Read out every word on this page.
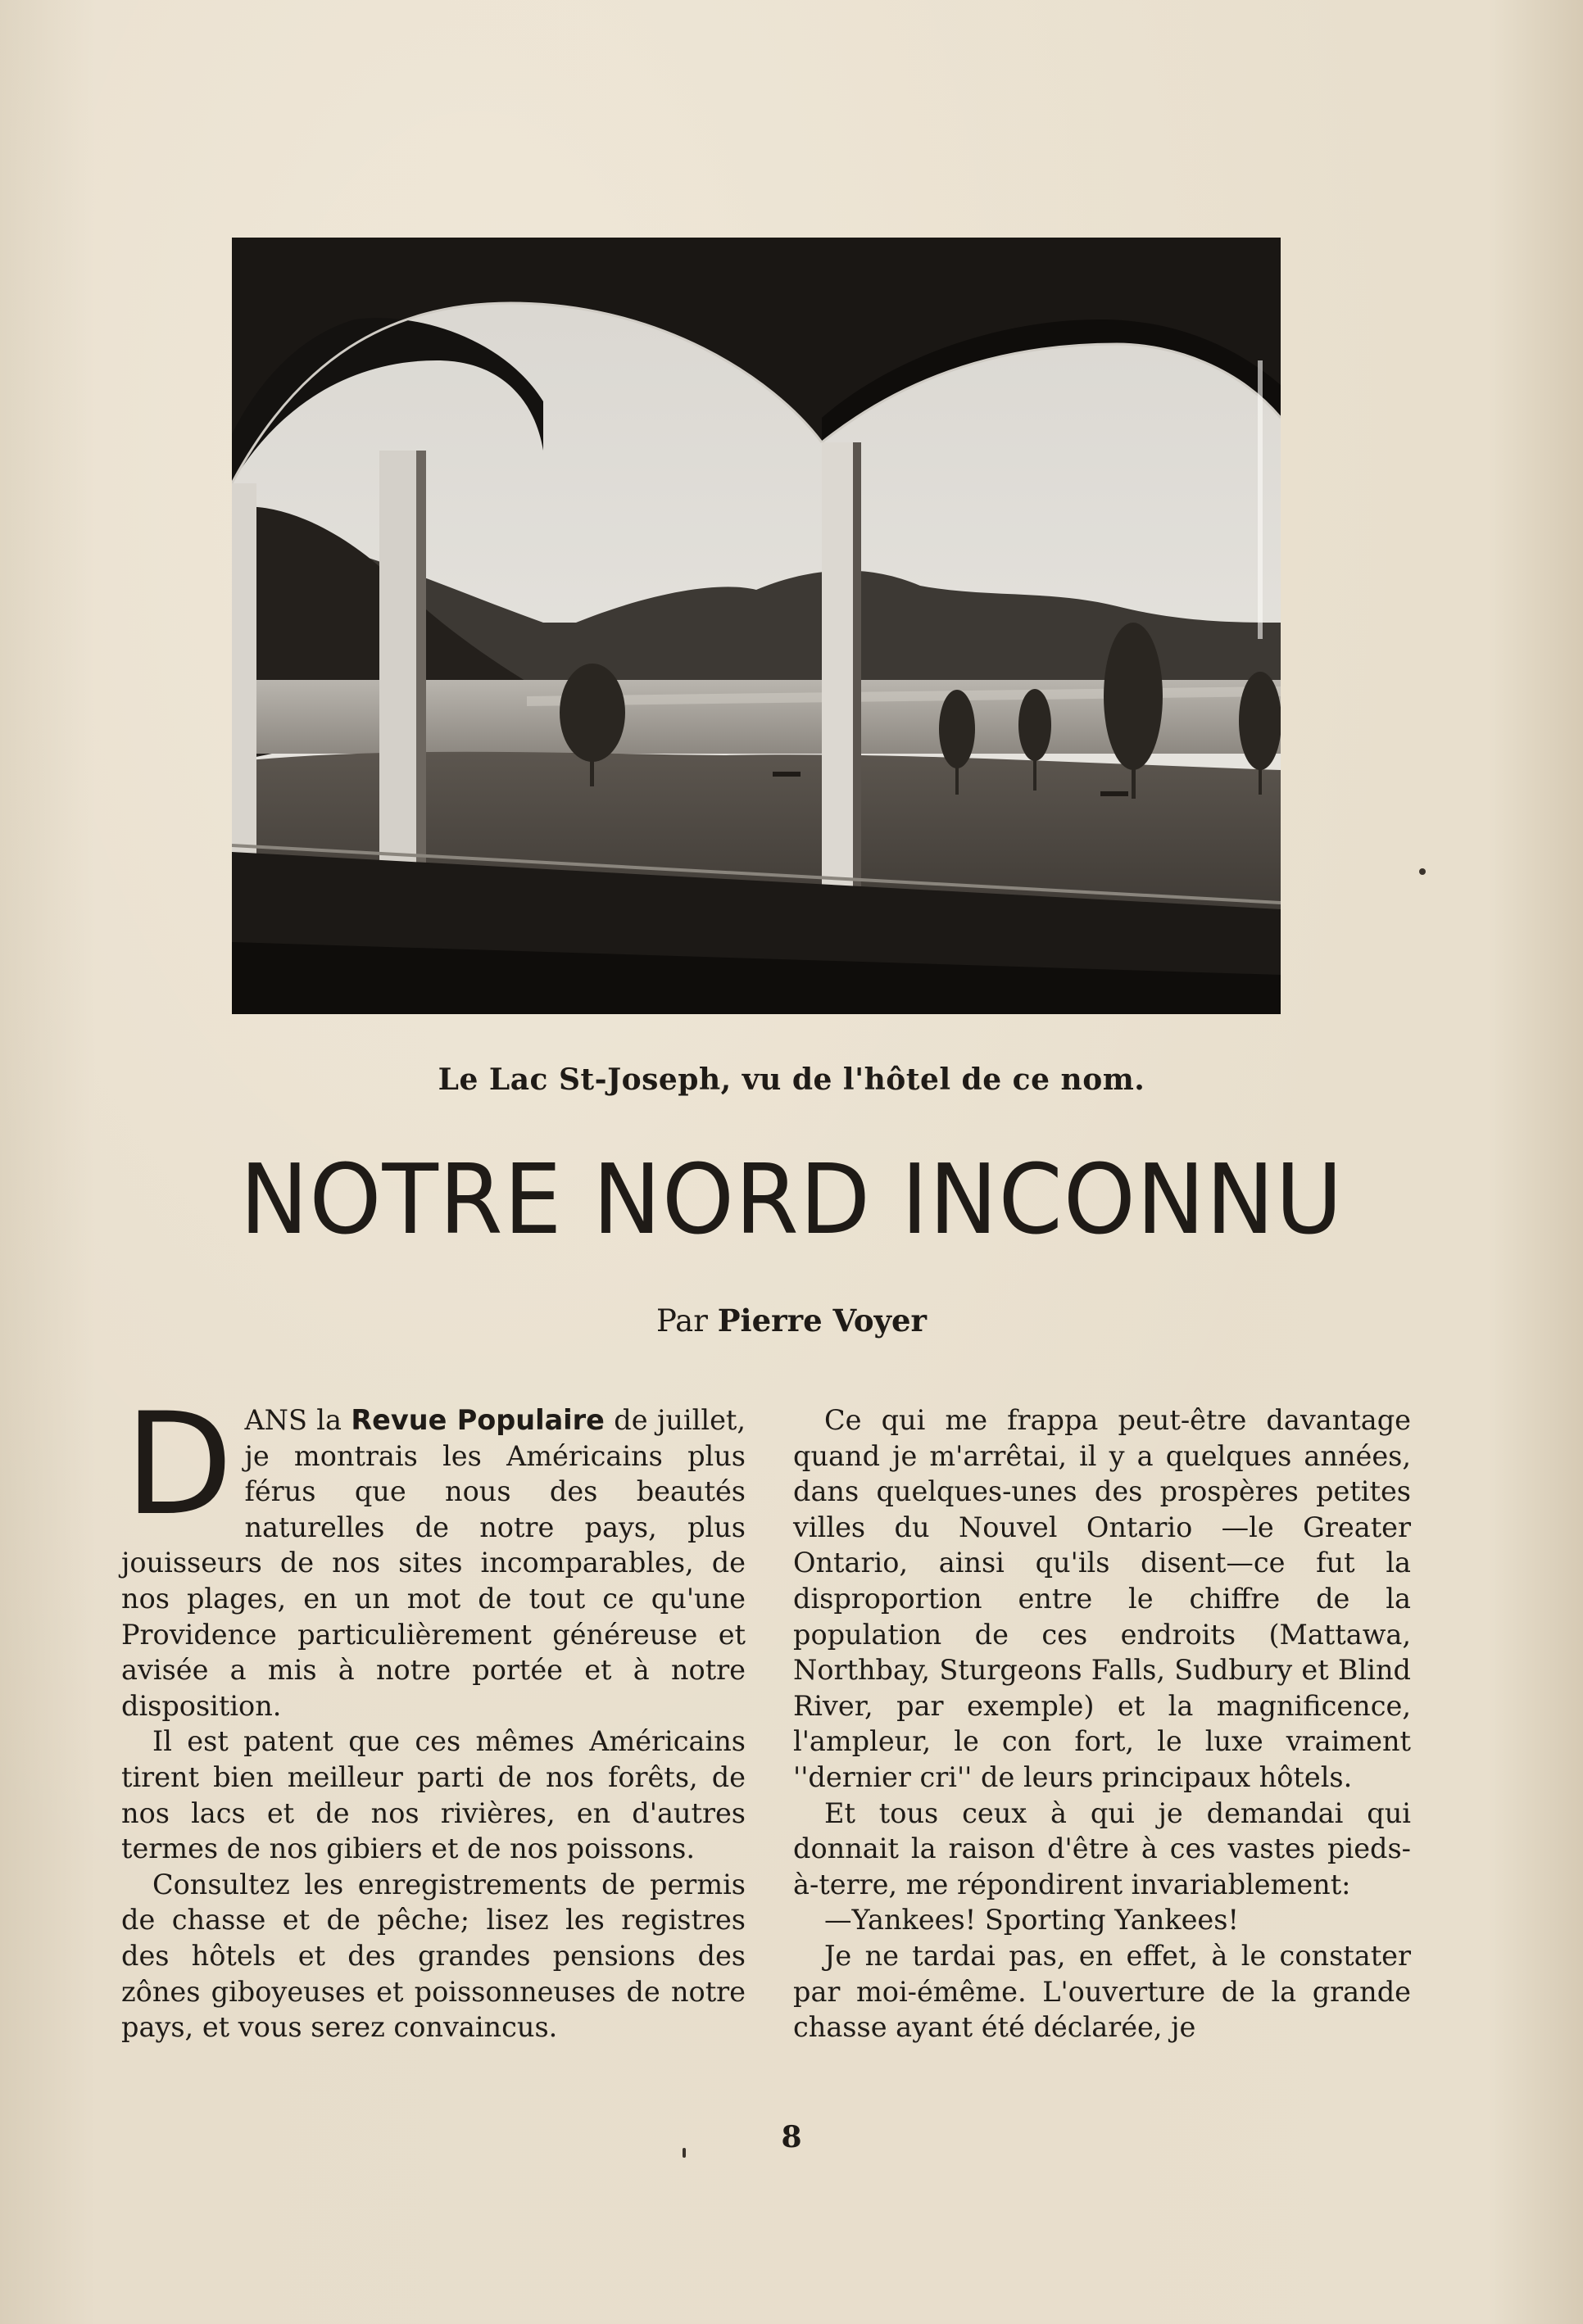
Le Lac St-Joseph, vu de l'hôtel de ce nom.
NOTRE NORD INCONNU
Par Pierre Voyer

DANS la Revue Populaire de juillet, je montrais les Américains plus férus que nous des beautés naturelles de notre pays, plus jouisseurs de nos sites incomparables, de nos plages, en un mot de tout ce qu'une Providence particulièrement généreuse et avisée a mis à notre portée et à notre disposition.

Il est patent que ces mêmes Américains tirent bien meilleur parti de nos forêts, de nos lacs et de nos rivières, en d'autres termes de nos gibiers et de nos poissons.

Consultez les enregistrements de permis de chasse et de pêche; lisez les registres des hôtels et des grandes pensions des zônes giboyeuses et poissonneuses de notre pays, et vous serez convaincus.

Ce qui me frappa peut-être davantage quand je m'arrêtai, il y a quelques années, dans quelques-unes des prospères petites villes du Nouvel Ontario —le Greater Ontario, ainsi qu'ils disent—ce fut la disproportion entre le chiffre de la population de ces endroits (Mattawa, Northbay, Sturgeons Falls, Sudbury et Blind River, par exemple) et la magnificence, l'ampleur, le con fort, le luxe vraiment ''dernier cri'' de leurs principaux hôtels.

Et tous ceux à qui je demandai qui donnait la raison d'être à ces vastes pieds-à-terre, me répondirent invariablement:

—Yankees! Sporting Yankees!

Je ne tardai pas, en effet, à le constater par moi-émême. L'ouverture de la grande chasse ayant été déclarée, je

8
